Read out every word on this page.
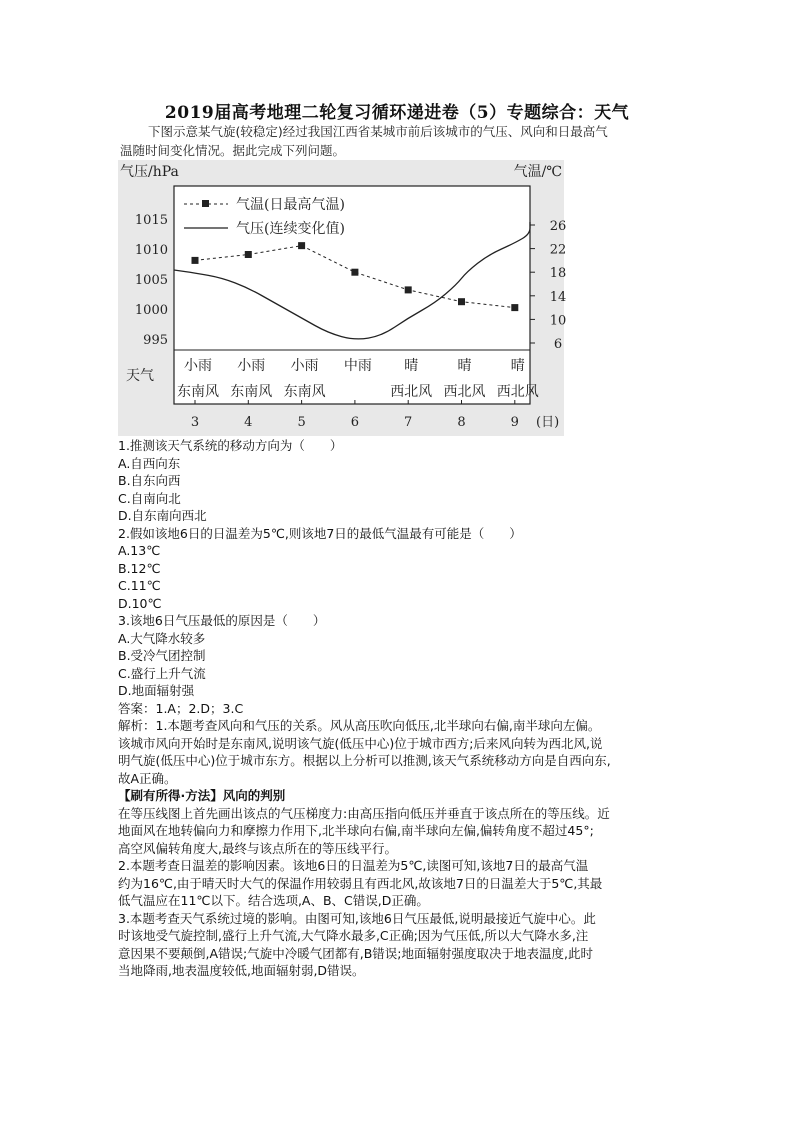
2019届高考地理二轮复习循环递进卷（5）专题综合：天气
下图示意某气旋(较稳定)经过我国江西省某城市前后该城市的气压、风向和日最高气
温随时间变化情况。据此完成下列问题。
气压/hPa	气温/℃
1015
1010
1005
1000
995
26
22
18
14
10
6
3	4	5	6	7	8	9 (日)
天气
小雨 小雨 小雨 中雨 晴	晴	晴
东南风 东南风 东南风	西北风 西北风 西北风
气温(日最高气温)
气压(连续变化值)
1.推测该天气系统的移动方向为（　　）
A.自西向东
B.自东向西
C.自南向北
D.自东南向西北
2.假如该地6日的日温差为5℃,则该地7日的最低气温最有可能是（　　）
A.13℃
B.12℃
C.11℃
D.10℃
3.该地6日气压最低的原因是（　　）
A.大气降水较多
B.受冷气团控制
C.盛行上升气流
D.地面辐射强
答案：1.A；2.D；3.C
解析：1.本题考查风向和气压的关系。风从高压吹向低压,北半球向右偏,南半球向左偏。
该城市风向开始时是东南风,说明该气旋(低压中心)位于城市西方;后来风向转为西北风,说
明气旋(低压中心)位于城市东方。根据以上分析可以推测,该天气系统移动方向是自西向东,
故A正确。
【刷有所得·方法】风向的判别
在等压线图上首先画出该点的气压梯度力:由高压指向低压并垂直于该点所在的等压线。近
地面风在地转偏向力和摩擦力作用下,北半球向右偏,南半球向左偏,偏转角度不超过45°;
高空风偏转角度大,最终与该点所在的等压线平行。
2.本题考查日温差的影响因素。该地6日的日温差为5℃,读图可知,该地7日的最高气温
约为16℃,由于晴天时大气的保温作用较弱且有西北风,故该地7日的日温差大于5℃,其最
低气温应在11℃以下。结合选项,A、B、C错误,D正确。
3.本题考查天气系统过境的影响。由图可知,该地6日气压最低,说明最接近气旋中心。此
时该地受气旋控制,盛行上升气流,大气降水最多,C正确;因为气压低,所以大气降水多,注
意因果不要颠倒,A错误;气旋中冷暖气团都有,B错误;地面辐射强度取决于地表温度,此时
当地降雨,地表温度较低,地面辐射弱,D错误。
